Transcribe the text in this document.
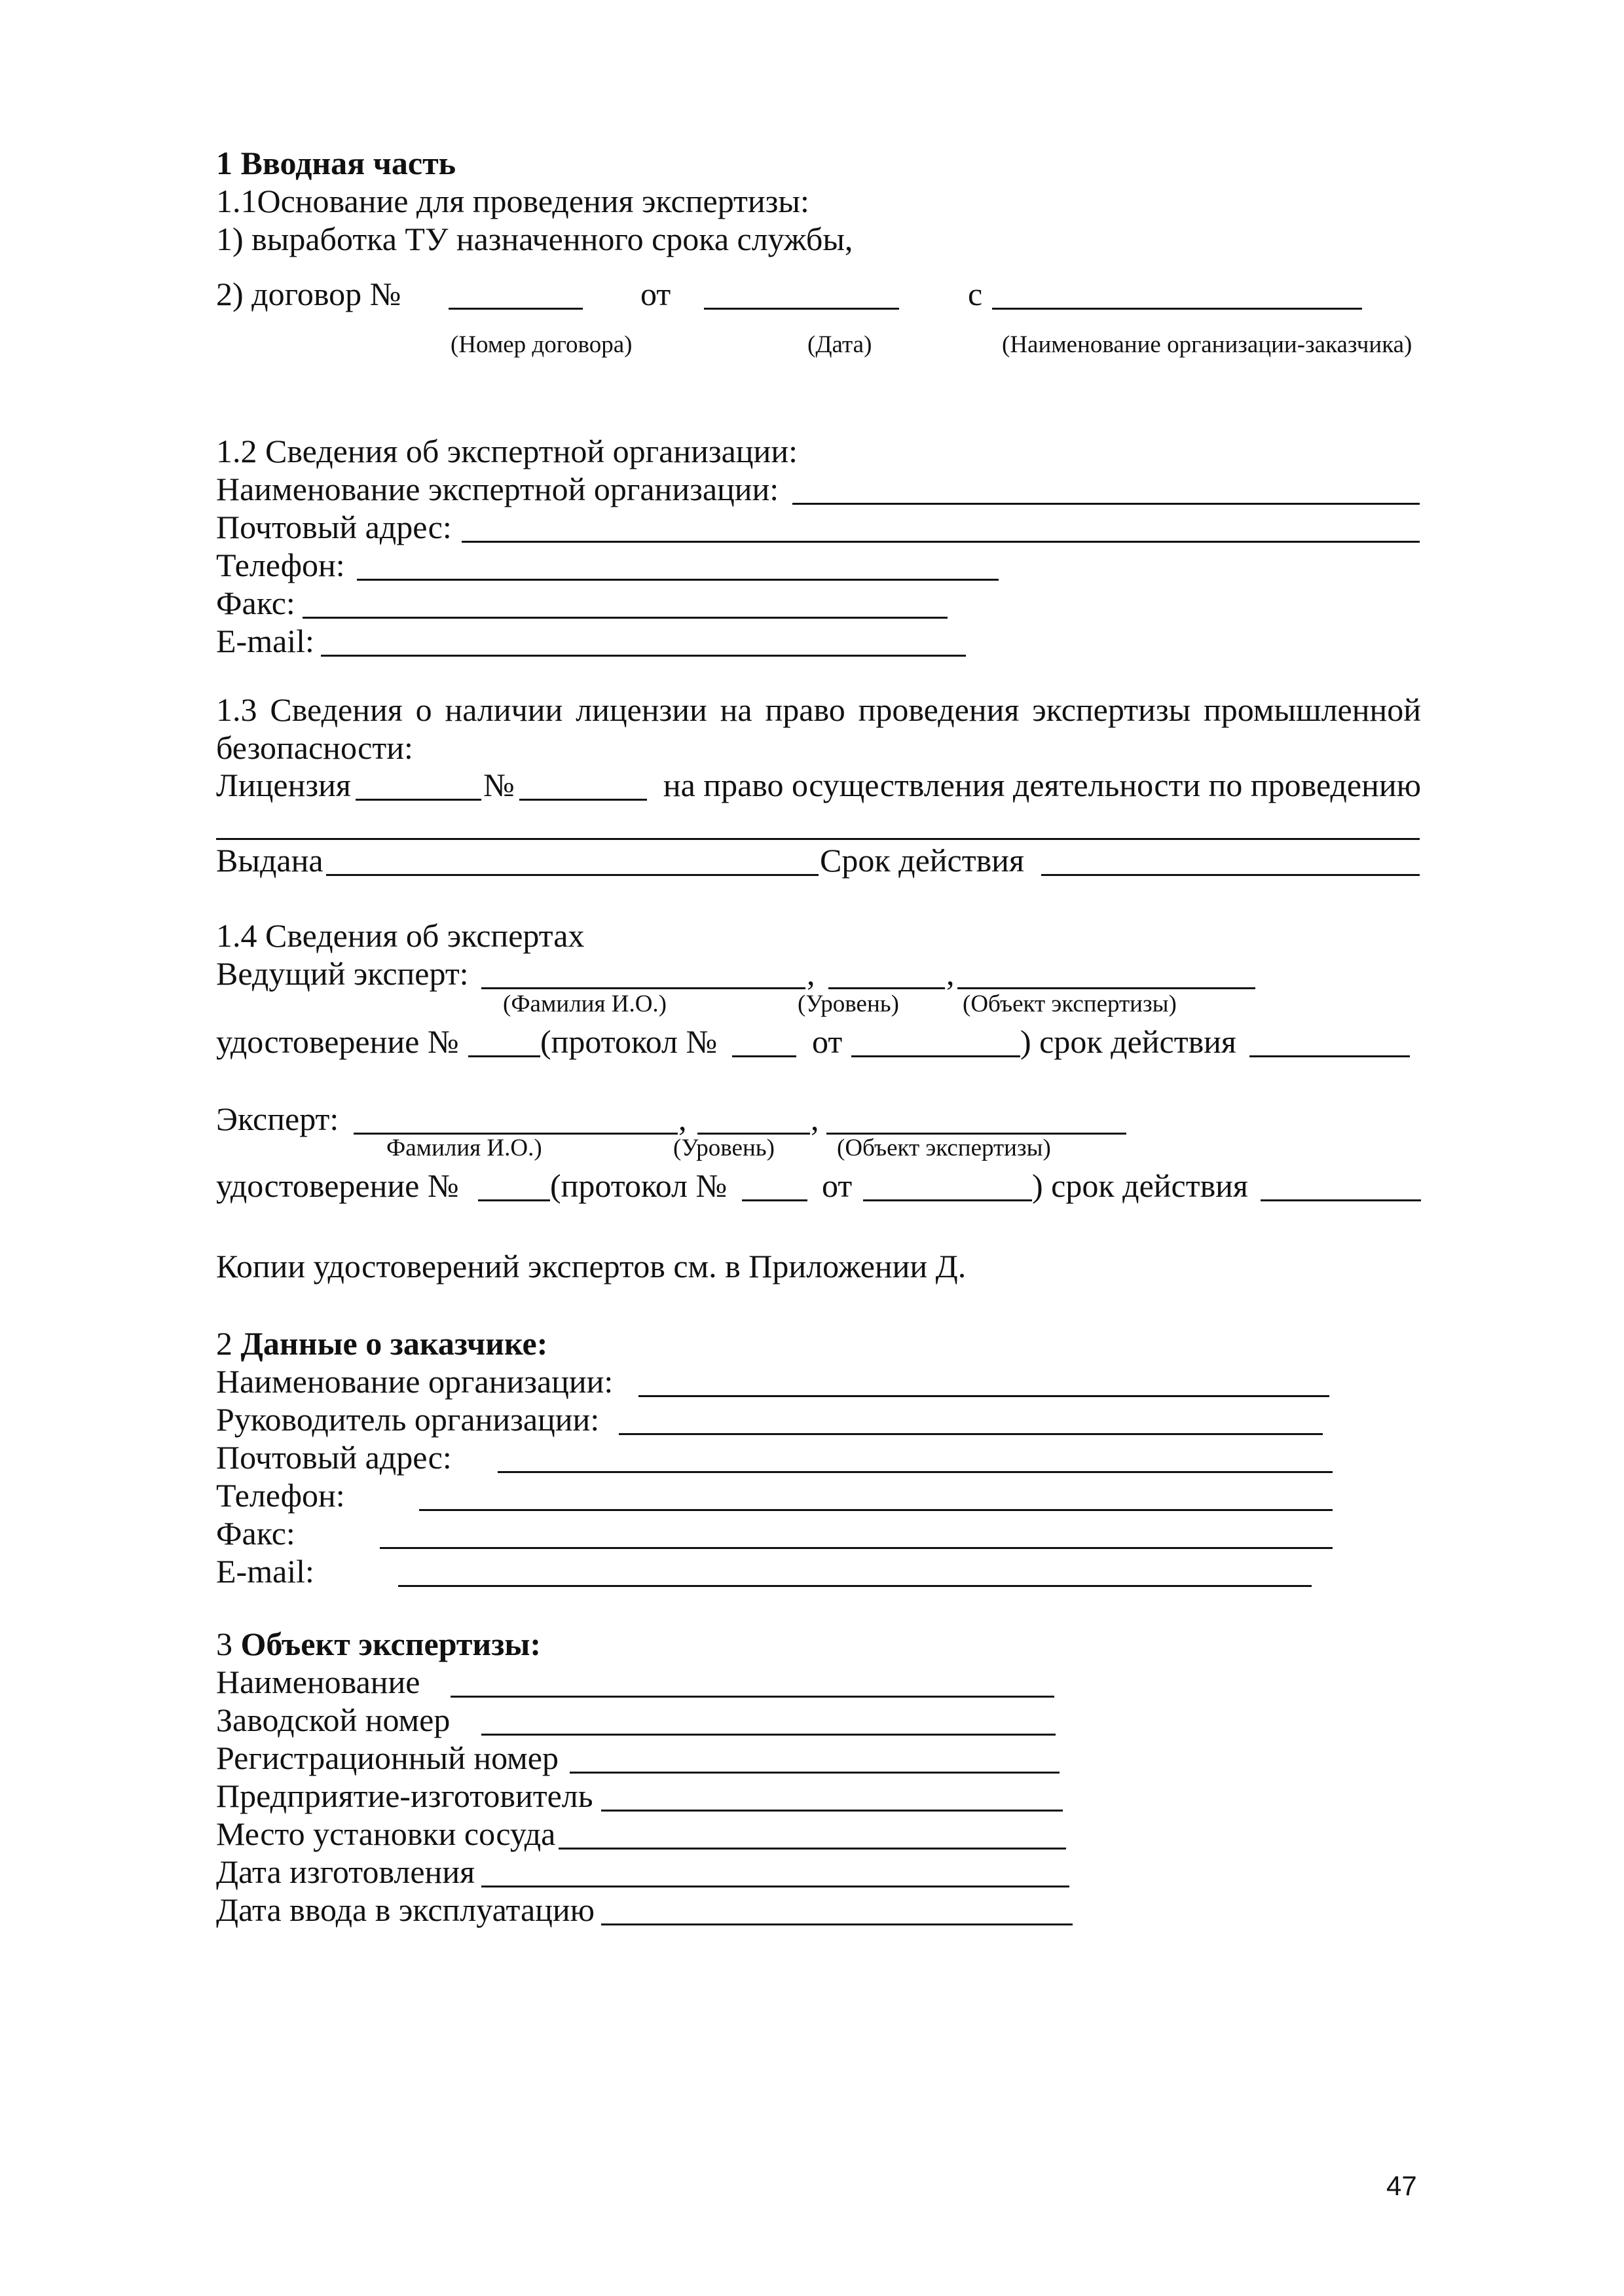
1 Вводная часть
1.1Основание для проведения экспертизы:
1) выработка ТУ назначенного срока службы,
2) договор №	от	с
(Номер договора)	(Дата)	(Наименование организации-заказчика)
1.2 Сведения об экспертной организации:
Наименование экспертной организации:
Почтовый адрес:
Телефон:
Факс:
E-mail:
1.3 Сведения о наличии лицензии на право проведения экспертизы промышленной
безопасности:
Лицензия	№	на право осуществления деятельности по проведению
Выдана	Срок действия
1.4 Сведения об экспертах
Ведущий эксперт:	,	,
(Фамилия И.О.)	(Уровень)	(Объект экспертизы)
удостоверение № (протокол №	от	) срок действия
Эксперт:	,	,
Фамилия И.О.)	(Уровень)	(Объект экспертизы)
удостоверение №	(протокол №	от	) срок действия
Копии удостоверений экспертов см. в Приложении Д.
2 Данные о заказчике:
Наименование организации:
Руководитель организации:
Почтовый адрес:
Телефон:
Факс:
E-mail:
3 Объект экспертизы:
Наименование
Заводской номер
Регистрационный номер
Предприятие-изготовитель
Место установки сосуда
Дата изготовления
Дата ввода в эксплуатацию
47
